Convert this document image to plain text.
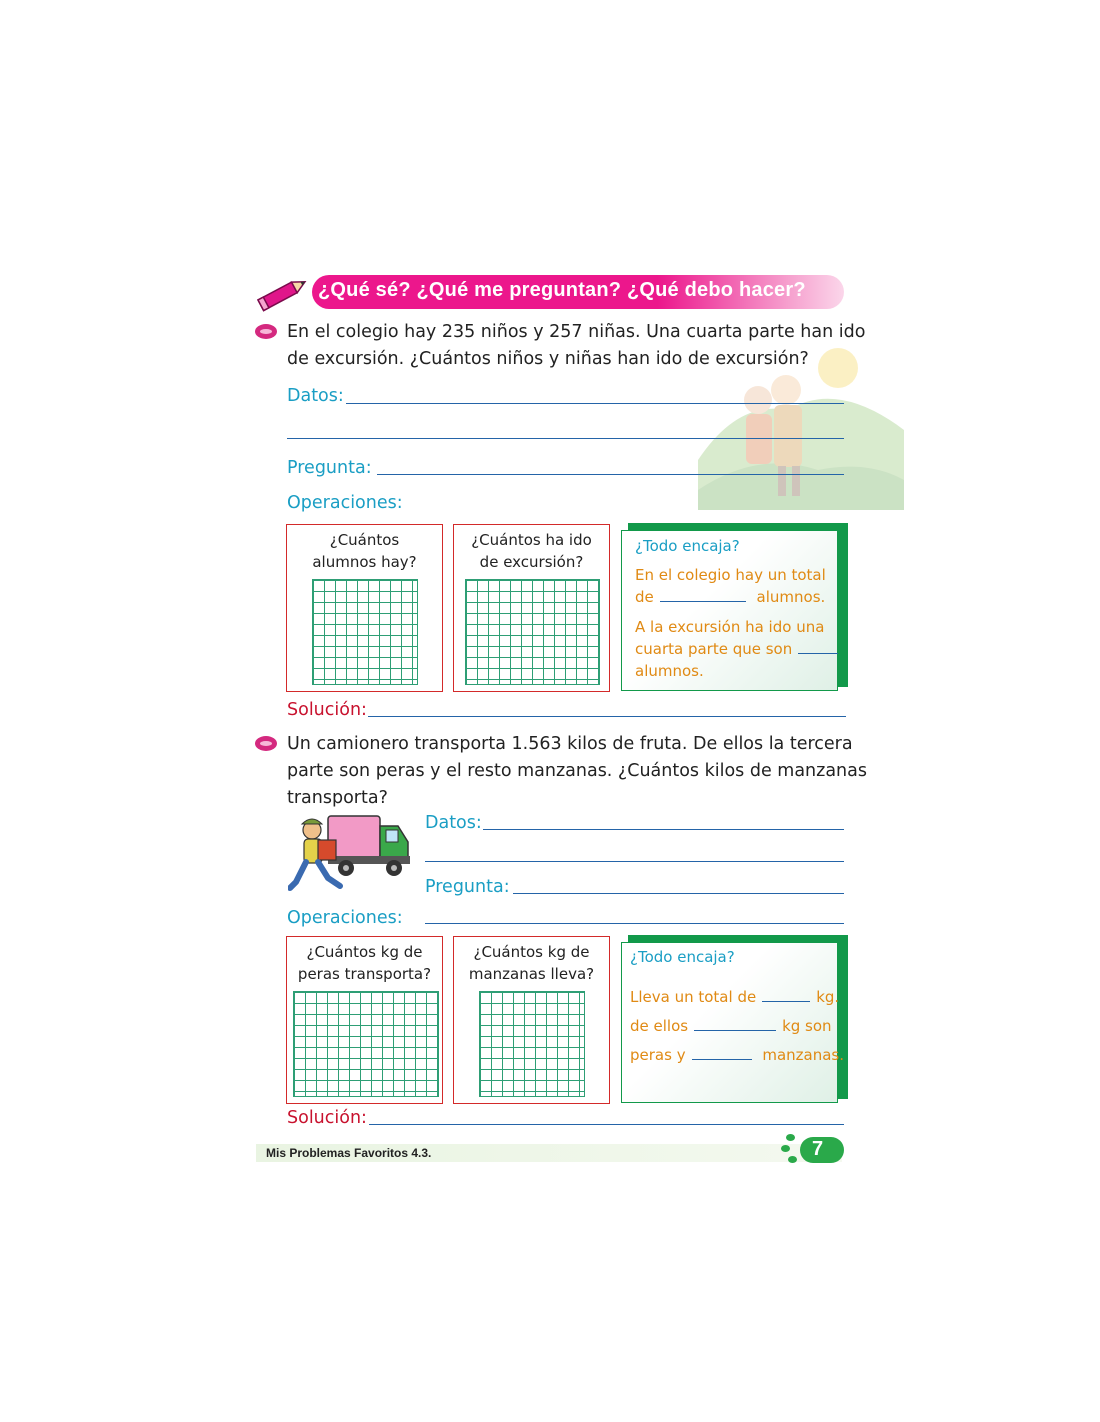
¿Qué sé? ¿Qué me preguntan? ¿Qué debo hacer?
En el colegio hay 235 niños y 257 niñas. Una cuarta parte han ido
de excursión. ¿Cuántos niños y niñas han ido de excursión?
Datos:
Pregunta:
Operaciones:
¿Cuántos
alumnos hay?
¿Cuántos ha ido
de excursión?
¿Todo encaja?
En el colegio hay un total
de	alumnos.
A la excursión ha ido una
cuarta parte que son
alumnos.
Solución:
Un camionero transporta 1.563 kilos de fruta. De ellos la tercera
parte son peras y el resto manzanas. ¿Cuántos kilos de manzanas
transporta?
Datos:
Pregunta:
Operaciones:
¿Cuántos kg de
peras transporta?
¿Cuántos kg de
manzanas lleva?
¿Todo encaja?
Lleva un total de	kg.
de ellos	kg son
peras y	manzanas.
Solución:
Mis Problemas Favoritos 4.3.	7
